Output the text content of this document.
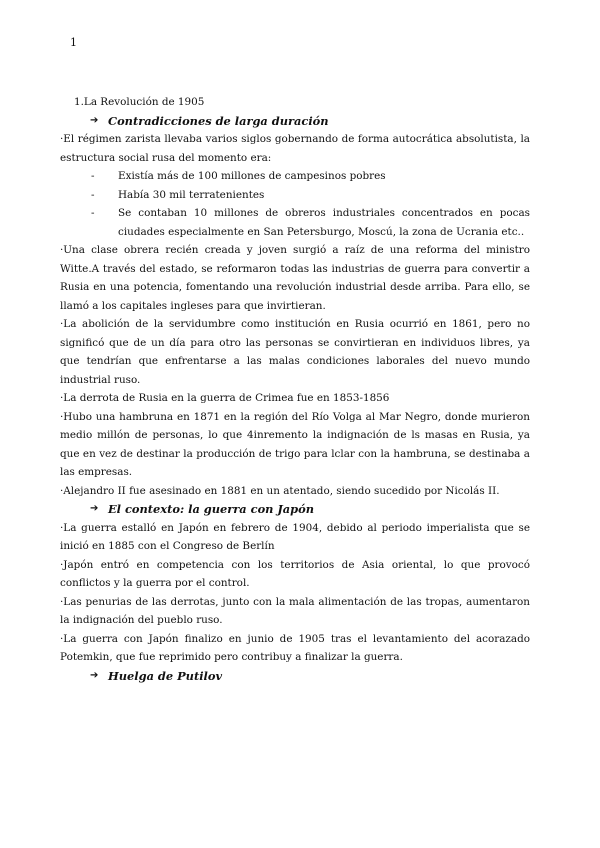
1

1.La Revolución de 1905

➔ Contradicciones de larga duración

·El régimen zarista llevaba varios siglos gobernando de forma autocrática absolutista, la estructura social rusa del momento era:

-	Existía más de 100 millones de campesinos pobres
-	Había 30 mil terratenientes
-	Se contaban 10 millones de obreros industriales concentrados en pocas ciudades especialmente en San Petersburgo, Moscú, la zona de Ucrania etc..

·Una clase obrera recién creada y joven surgió a raíz de una reforma del ministro Witte.A través del estado, se reformaron todas las industrias de guerra para convertir a Rusia en una potencia, fomentando una revolución industrial desde arriba. Para ello, se llamó a los capitales ingleses para que invirtieran.

·La abolición de la servidumbre como institución en Rusia ocurrió en 1861, pero no significó que de un día para otro las personas se convirtieran en individuos libres, ya que tendrían que enfrentarse a las malas condiciones laborales del nuevo mundo industrial ruso.

·La derrota de Rusia en la guerra de Crimea fue en 1853-1856

·Hubo una hambruna en 1871 en la región del Río Volga al Mar Negro, donde murieron medio millón de personas, lo que 4inremento la indignación de ls masas en Rusia, ya que en vez de destinar la producción de trigo para lclar con la hambruna, se destinaba a las empresas.

·Alejandro II fue asesinado en 1881 en un atentado, siendo sucedido por Nicolás II.

➔ El contexto: la guerra con Japón

·La guerra estalló en Japón en febrero de 1904, debido al periodo imperialista que se inició en 1885 con el Congreso de Berlín

·Japón entró en competencia con los territorios de Asia oriental, lo que provocó conflictos y la guerra por el control.

·Las penurias de las derrotas, junto con la mala alimentación de las tropas, aumentaron la indignación del pueblo ruso.

·La guerra con Japón finalizo en junio de 1905 tras el levantamiento del acorazado Potemkin, que fue reprimido pero contribuy a finalizar la guerra.

➔ Huelga de Putilov
